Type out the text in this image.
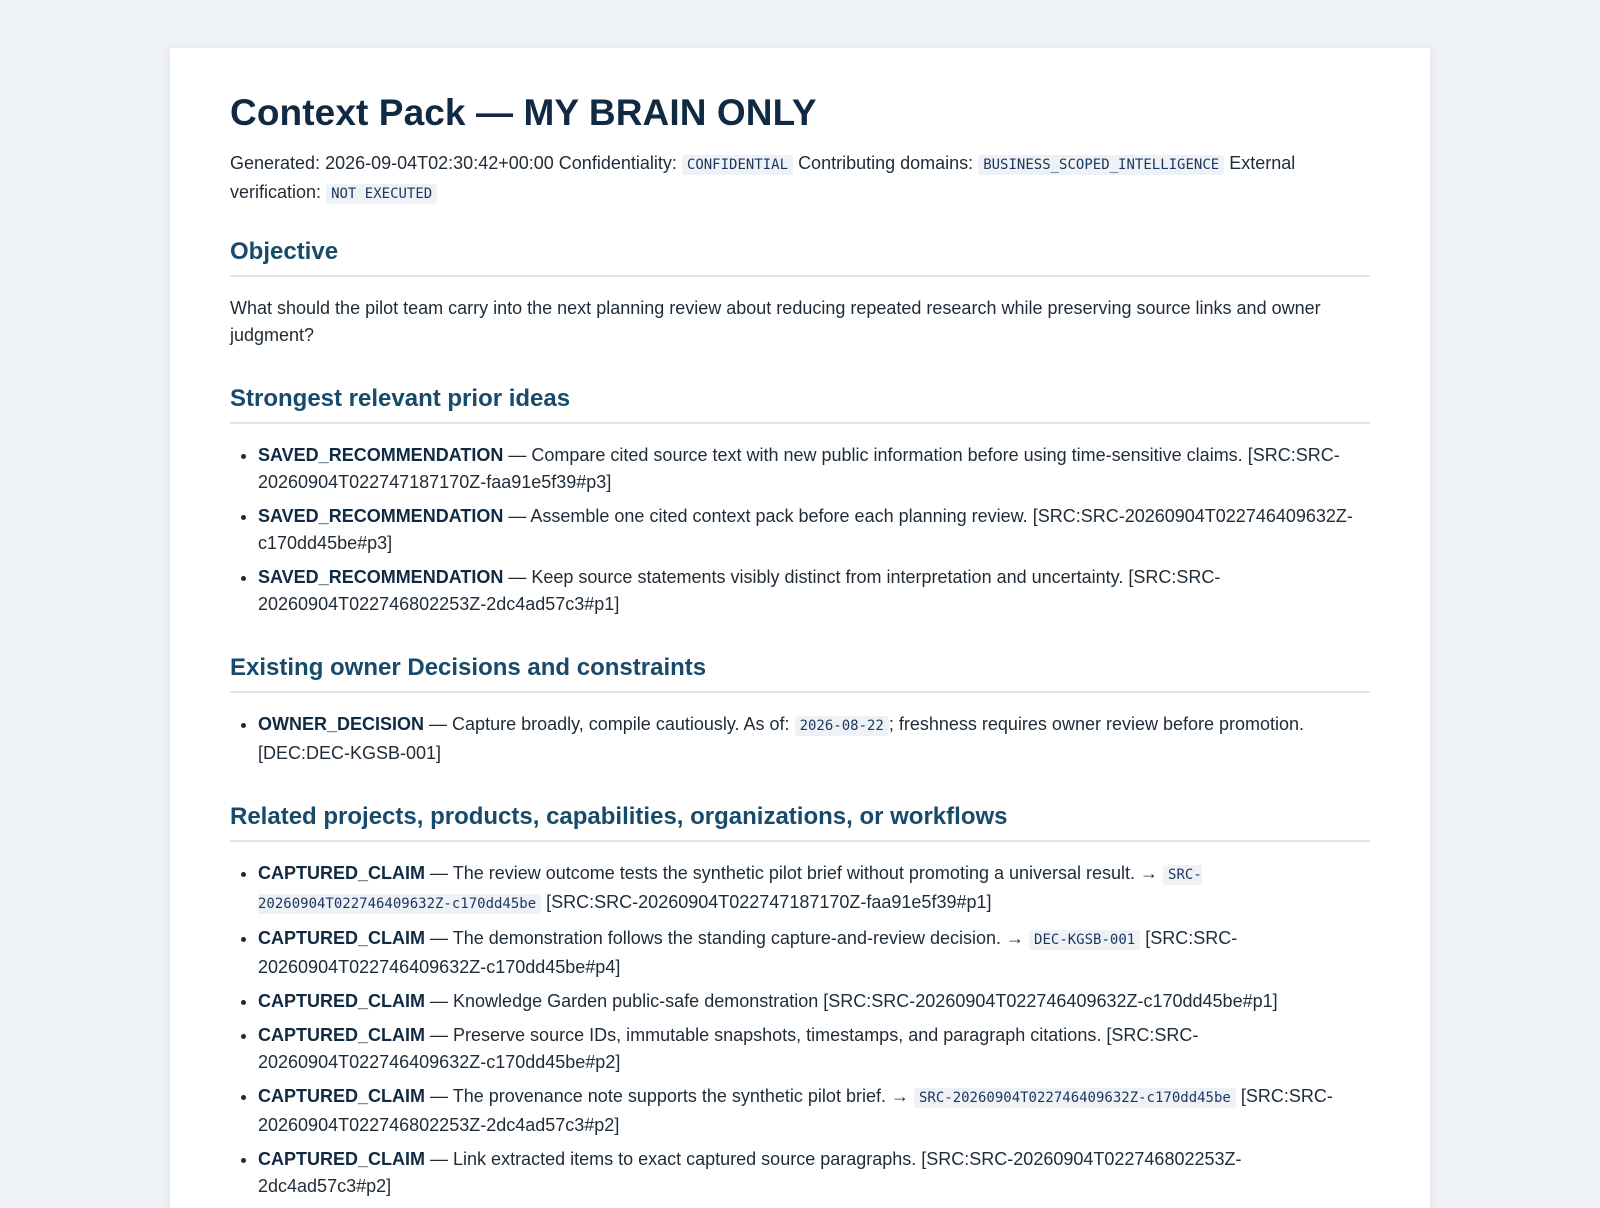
Context Pack — MY BRAIN ONLY

Generated: 2026-09-04T02:30:42+00:00 Confidentiality: CONFIDENTIAL Contributing domains: BUSINESS_SCOPED_INTELLIGENCE External verification: NOT EXECUTED

Objective

What should the pilot team carry into the next planning review about reducing repeated research while preserving source links and owner judgment?

Strongest relevant prior ideas
• SAVED_RECOMMENDATION — Compare cited source text with new public information before using time-sensitive claims. [SRC:SRC-20260904T022747187170Z-faa91e5f39#p3]
• SAVED_RECOMMENDATION — Assemble one cited context pack before each planning review. [SRC:SRC-20260904T022746409632Z-c170dd45be#p3]
• SAVED_RECOMMENDATION — Keep source statements visibly distinct from interpretation and uncertainty. [SRC:SRC-20260904T022746802253Z-2dc4ad57c3#p1]
Existing owner Decisions and constraints
• OWNER_DECISION — Capture broadly, compile cautiously. As of: 2026-08-22 ; freshness requires owner review before promotion. [DEC:DEC-KGSB-001]
Related projects, products, capabilities, organizations, or workflows
• CAPTURED_CLAIM — The review outcome tests the synthetic pilot brief without promoting a universal result. → SRC-20260904T022746409632Z-c170dd45be [SRC:SRC-20260904T022747187170Z-faa91e5f39#p1]
• CAPTURED_CLAIM — The demonstration follows the standing capture-and-review decision. → DEC-KGSB-001 [SRC:SRC-20260904T022746409632Z-c170dd45be#p4]
• CAPTURED_CLAIM — Knowledge Garden public-safe demonstration [SRC:SRC-20260904T022746409632Z-c170dd45be#p1]
• CAPTURED_CLAIM — Preserve source IDs, immutable snapshots, timestamps, and paragraph citations. [SRC:SRC-20260904T022746409632Z-c170dd45be#p2]
• CAPTURED_CLAIM — The provenance note supports the synthetic pilot brief. → SRC-20260904T022746409632Z-c170dd45be [SRC:SRC-20260904T022746802253Z-2dc4ad57c3#p2]
• CAPTURED_CLAIM — Link extracted items to exact captured source paragraphs. [SRC:SRC-20260904T022746802253Z-2dc4ad57c3#p2]
